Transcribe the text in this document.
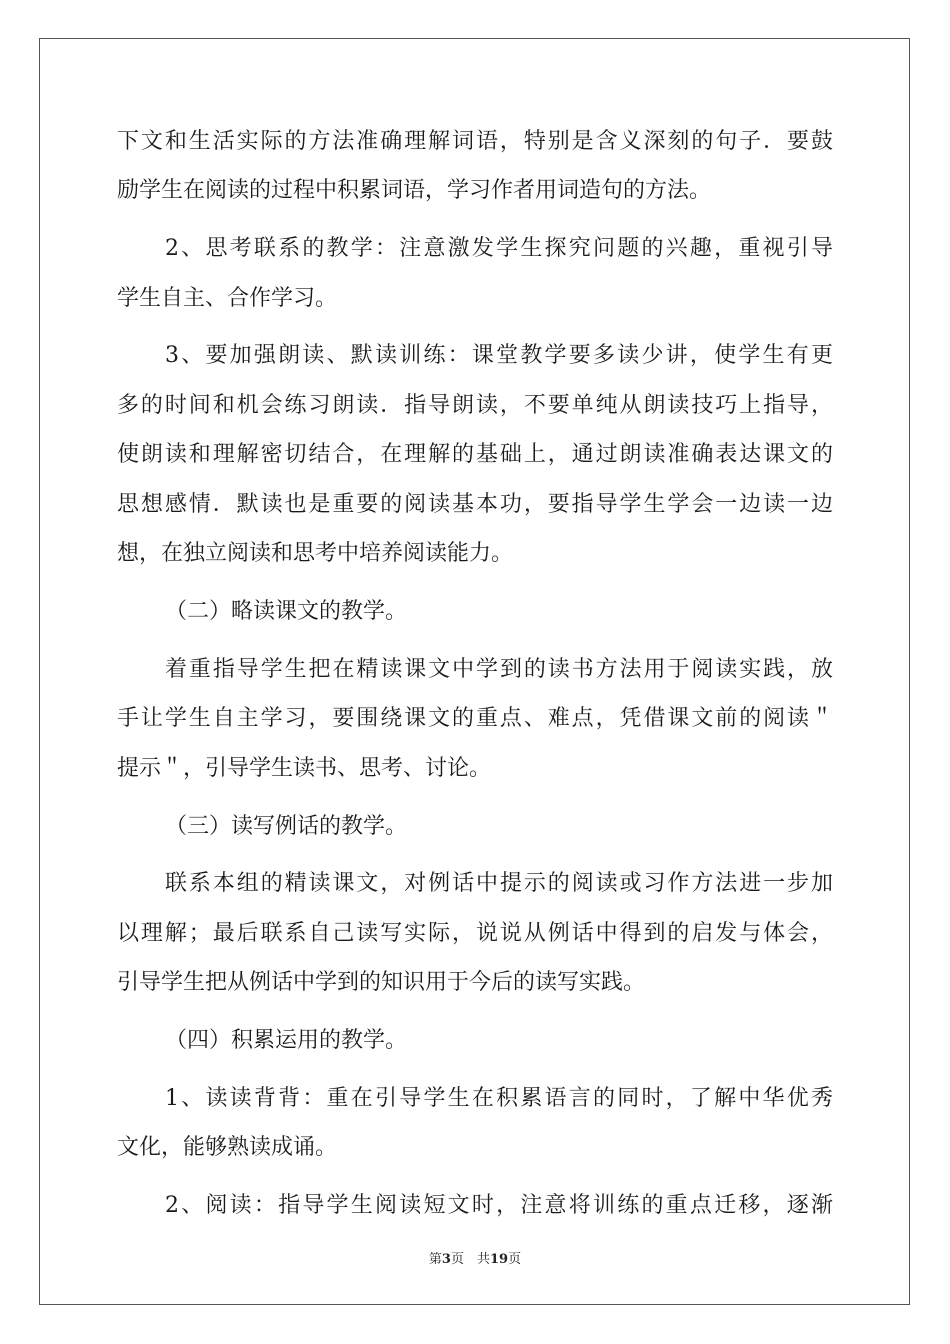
下文和生活实际的方法准确理解词语，特别是含义深刻的句子．要鼓
励学生在阅读的过程中积累词语，学习作者用词造句的方法。
2、思考联系的教学：注意激发学生探究问题的兴趣，重视引导
学生自主、合作学习。
3、要加强朗读、默读训练：课堂教学要多读少讲，使学生有更
多的时间和机会练习朗读．指导朗读，不要单纯从朗读技巧上指导，
使朗读和理解密切结合，在理解的基础上，通过朗读准确表达课文的
思想感情．默读也是重要的阅读基本功，要指导学生学会一边读一边
想，在独立阅读和思考中培养阅读能力。
（二）略读课文的教学。
着重指导学生把在精读课文中学到的读书方法用于阅读实践，放
手让学生自主学习，要围绕课文的重点、难点，凭借课文前的阅读＂
提示＂，引导学生读书、思考、讨论。
（三）读写例话的教学。
联系本组的精读课文，对例话中提示的阅读或习作方法进一步加
以理解；最后联系自己读写实际，说说从例话中得到的启发与体会，
引导学生把从例话中学到的知识用于今后的读写实践。
（四）积累运用的教学。
1、读读背背：重在引导学生在积累语言的同时，了解中华优秀
文化，能够熟读成诵。
2、阅读：指导学生阅读短文时，注意将训练的重点迁移，逐渐
第3页　共19页
